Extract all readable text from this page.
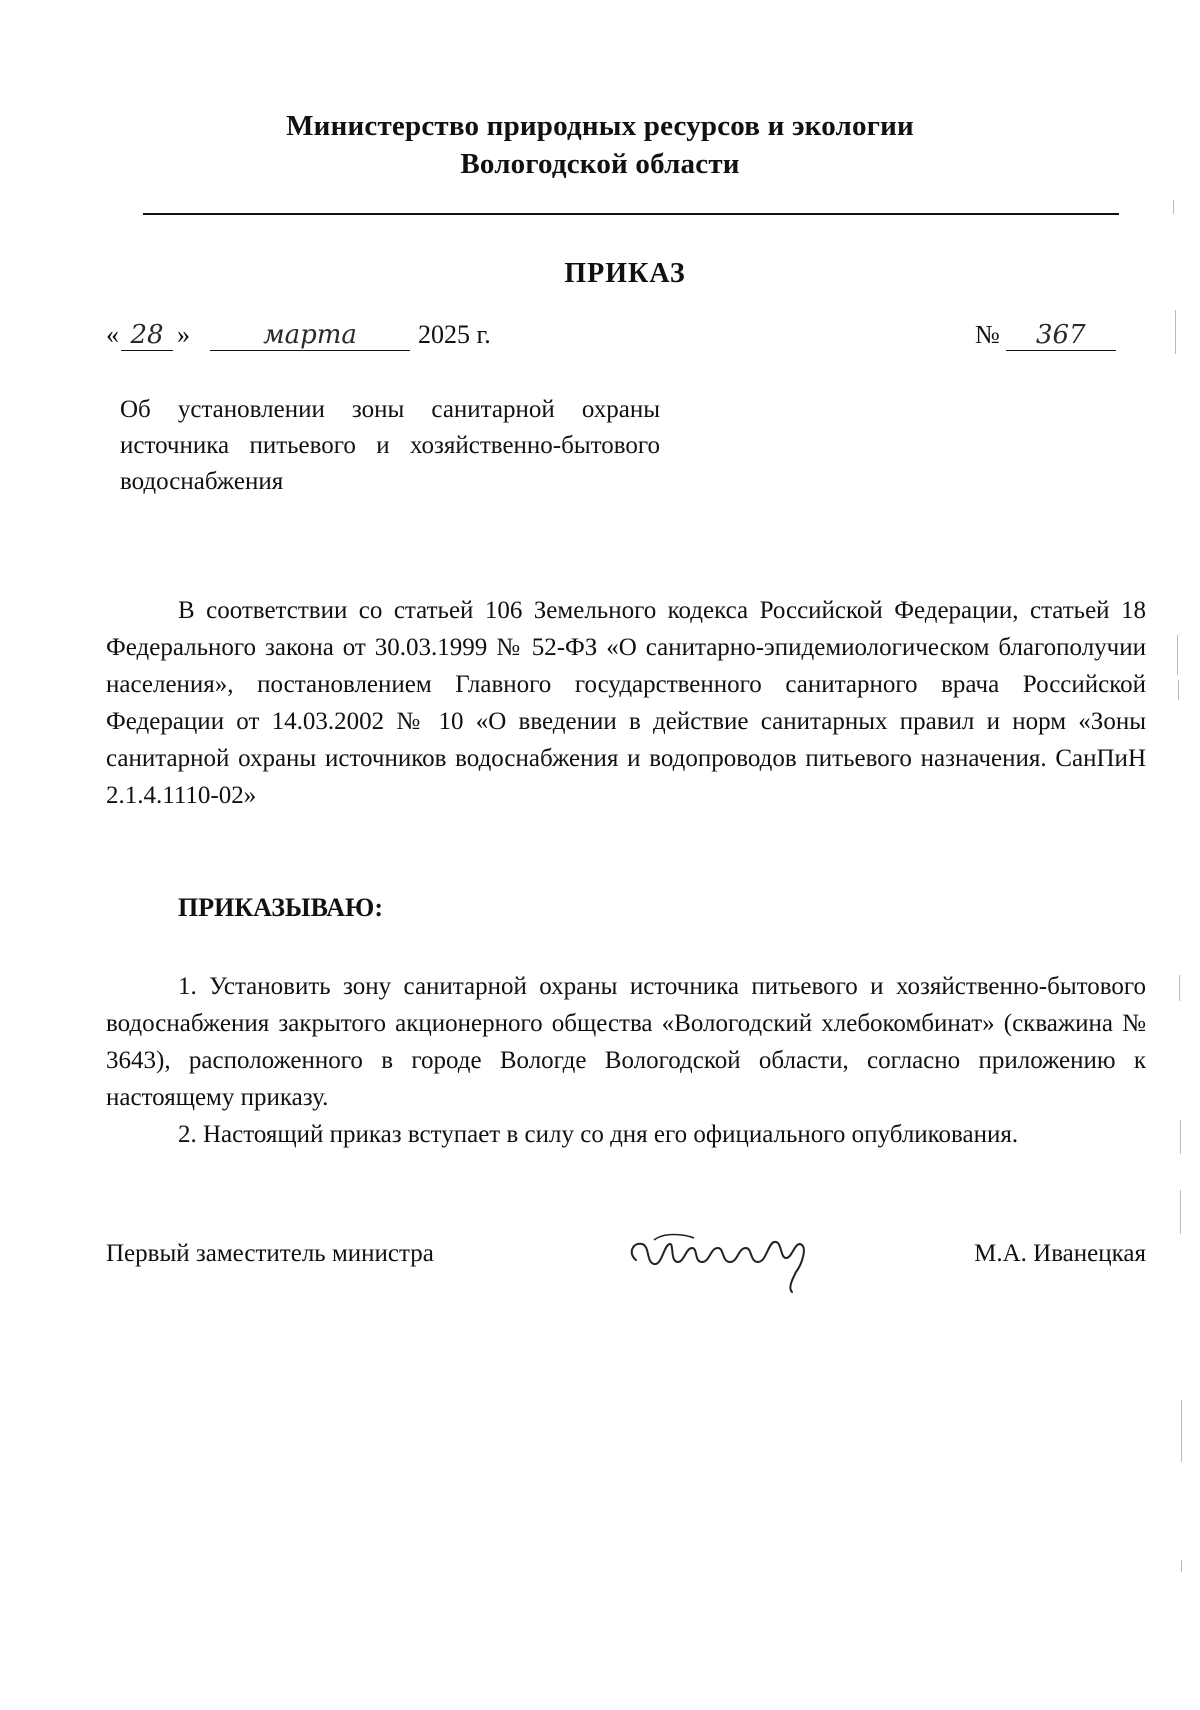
Министерство природных ресурсов и экологии
Вологодской области
ПРИКАЗ
« 28 »	марта 2025 г.	№ 367
Об установлении зоны санитарной охраны источника питьевого и хозяйственно-бытового водоснабжения

В соответствии со статьей 106 Земельного кодекса Российской Федерации, статьей 18 Федерального закона от 30.03.1999 № 52-ФЗ «О санитарно-эпидемиологическом благополучии населения», постановлением Главного государственного санитарного врача Российской Федерации от 14.03.2002 № 10 «О введении в действие санитарных правил и норм «Зоны санитарной охраны источников водоснабжения и водопроводов питьевого назначения. СанПиН 2.1.4.1110-02»

ПРИКАЗЫВАЮ:

1. Установить зону санитарной охраны источника питьевого и хозяйственно-бытового водоснабжения закрытого акционерного общества «Вологодский хлебокомбинат» (скважина № 3643), расположенного в городе Вологде Вологодской области, согласно приложению к настоящему приказу.

2. Настоящий приказ вступает в силу со дня его официального опубликования.

Первый заместитель министра	М.А. Иванецкая
